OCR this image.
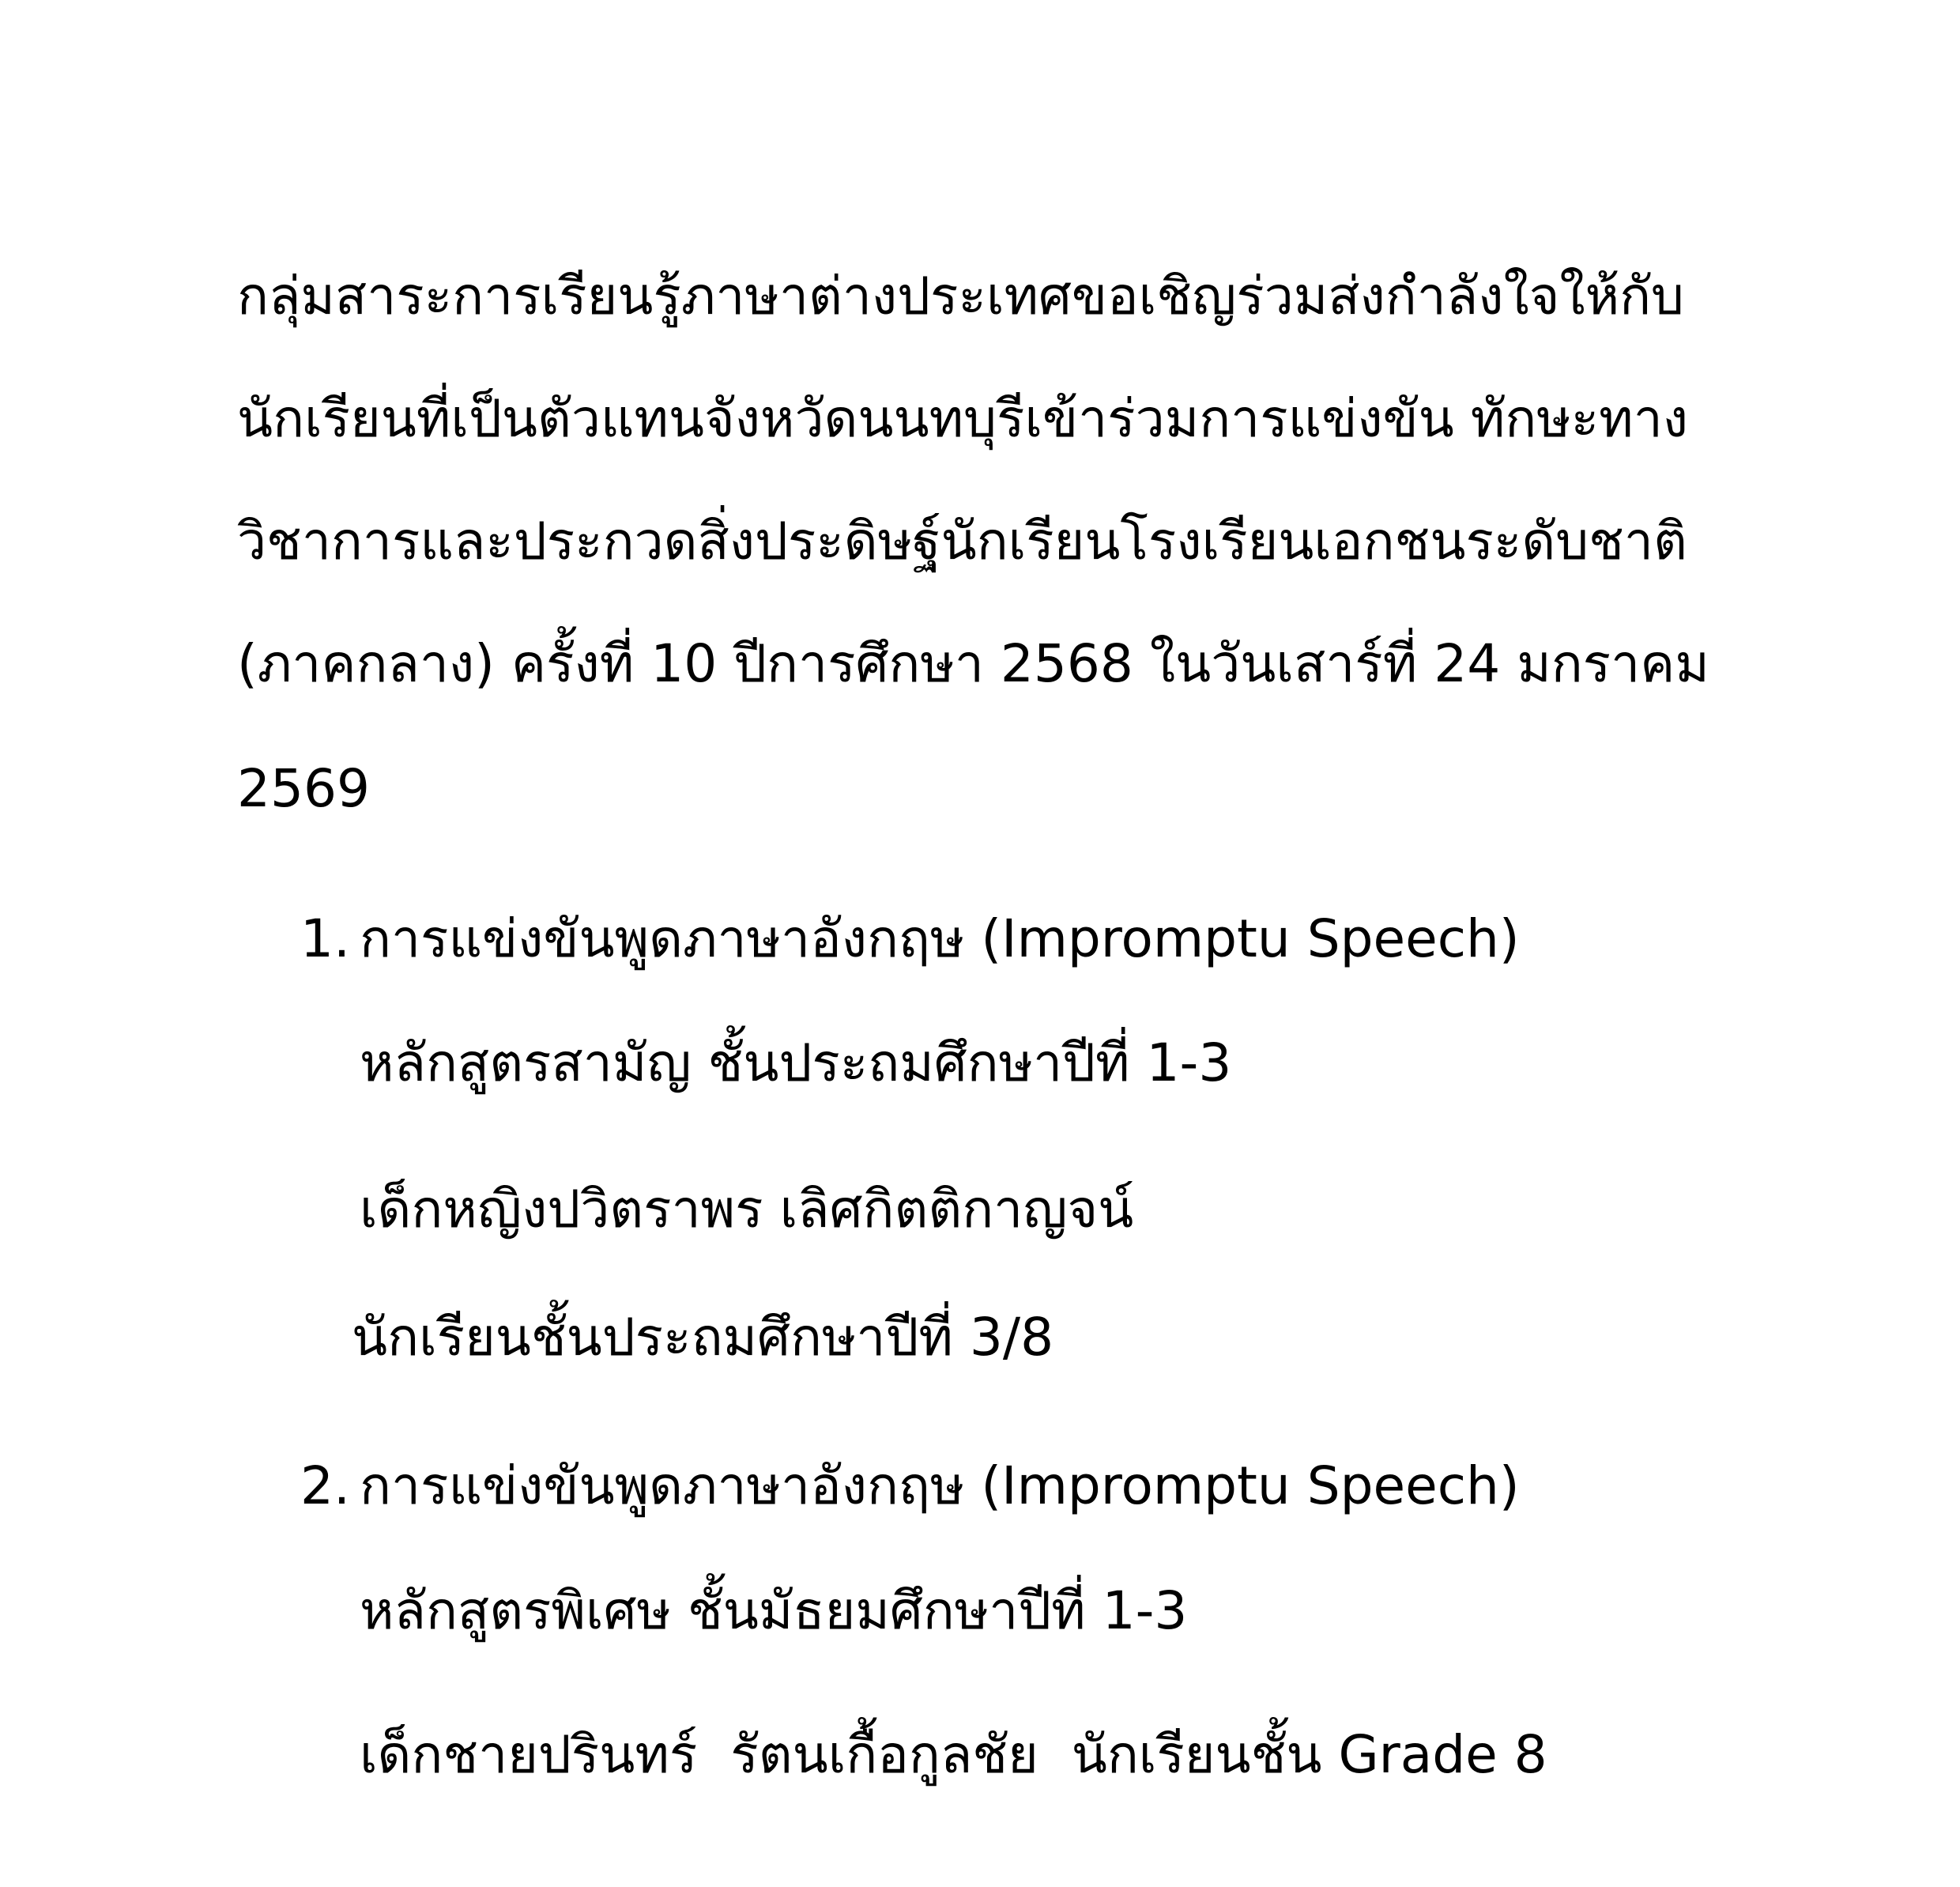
กลุ่มสาระการเรียนรู้ภาษาต่างประเทศขอเชิญร่วมส่งกำลังใจให้กับ
นักเรียนที่เป็นตัวแทนจังหวัดนนทบุรีเข้าร่วมการแข่งขัน ทักษะทาง
วิชาการและประกวดสิ่งประดิษฐ์นักเรียนโรงเรียนเอกชนระดับชาติ
(ภาคกลาง) ครั้งที่ 10 ปีการศึกษา 2568 ในวันเสาร์ที่ 24 มกราคม
2569
1. การแข่งขันพูดภาษาอังกฤษ (Impromptu Speech)
หลักสูตรสามัญ ชั้นประถมศึกษาปีที่ 1-3
เด็กหญิงปวิตราพร เลิศกิตติกาญจน์
นักเรียนชั้นประถมศึกษาปีที่ 3/8
2. การแข่งขันพูดภาษาอังกฤษ (Impromptu Speech)
หลักสูตรพิเศษ ชั้นมัธยมศึกษาปีที่ 1-3
เด็กชายปรินทร์  รัตนเกื้อกูลชัย  นักเรียนชั้น Grade 8
